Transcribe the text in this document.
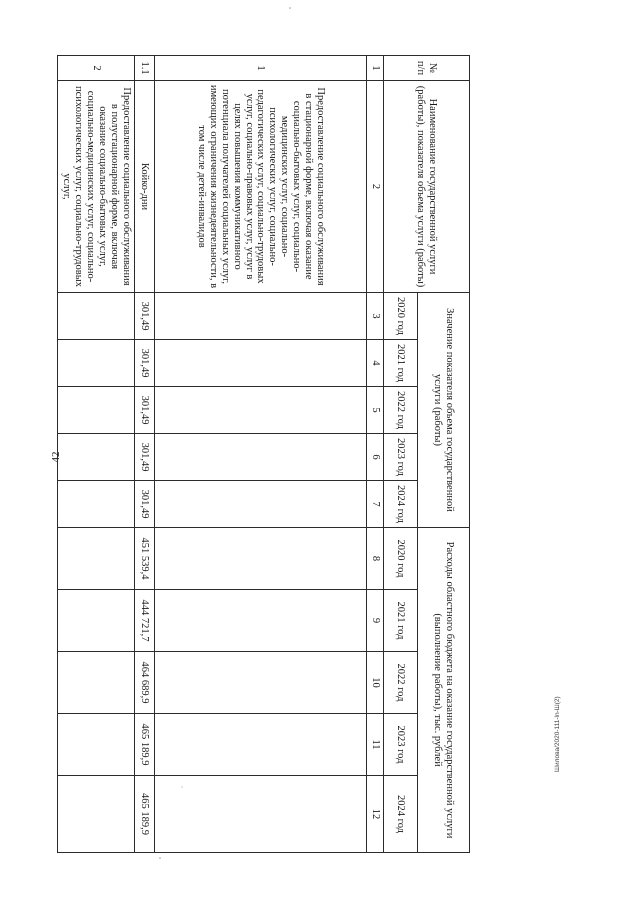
42
№ п/п	Наименование государственной услуги (работы), показателя объема услуги (работы)	Значение показателя объема государственной услуги (работы)					Расходы областного бюджета на оказание государственной услуги (выполнение работы), тыс. рублей				
		2020 год	2021 год	2022 год	2023 год	2024 год	2020 год	2021 год	2022 год	2023 год	2024 год
1	2	3	4	5	6	7	8	9	10	11	12
1	Предоставление социального обслуживания в стационарной форме, включая оказание социально-бытовых услуг, социально-медицинских услуг, социально-психологических услуг, социально-педагогических услуг, социально-трудовых услуг, социально-правовых услуг, услуг в целях повышения коммуникативного потенциала получателей социальных услуг, имеющих ограничения жизнедеятельности, в том числе детей-инвалидов										
1.1	Койко-дни	301,49	301,49	301,49	301,49	301,49	451 539,4	444 721,7	464 689,9	465 189,9	465 189,9
2	Предоставление социального обслуживания в полустационарной форме, включая оказание социально-бытовых услуг, социально-медицинских услуг, социально-психологических услуг, социально-трудовых услуг,										
Шилова/2020-111-ln-Ш(2)
